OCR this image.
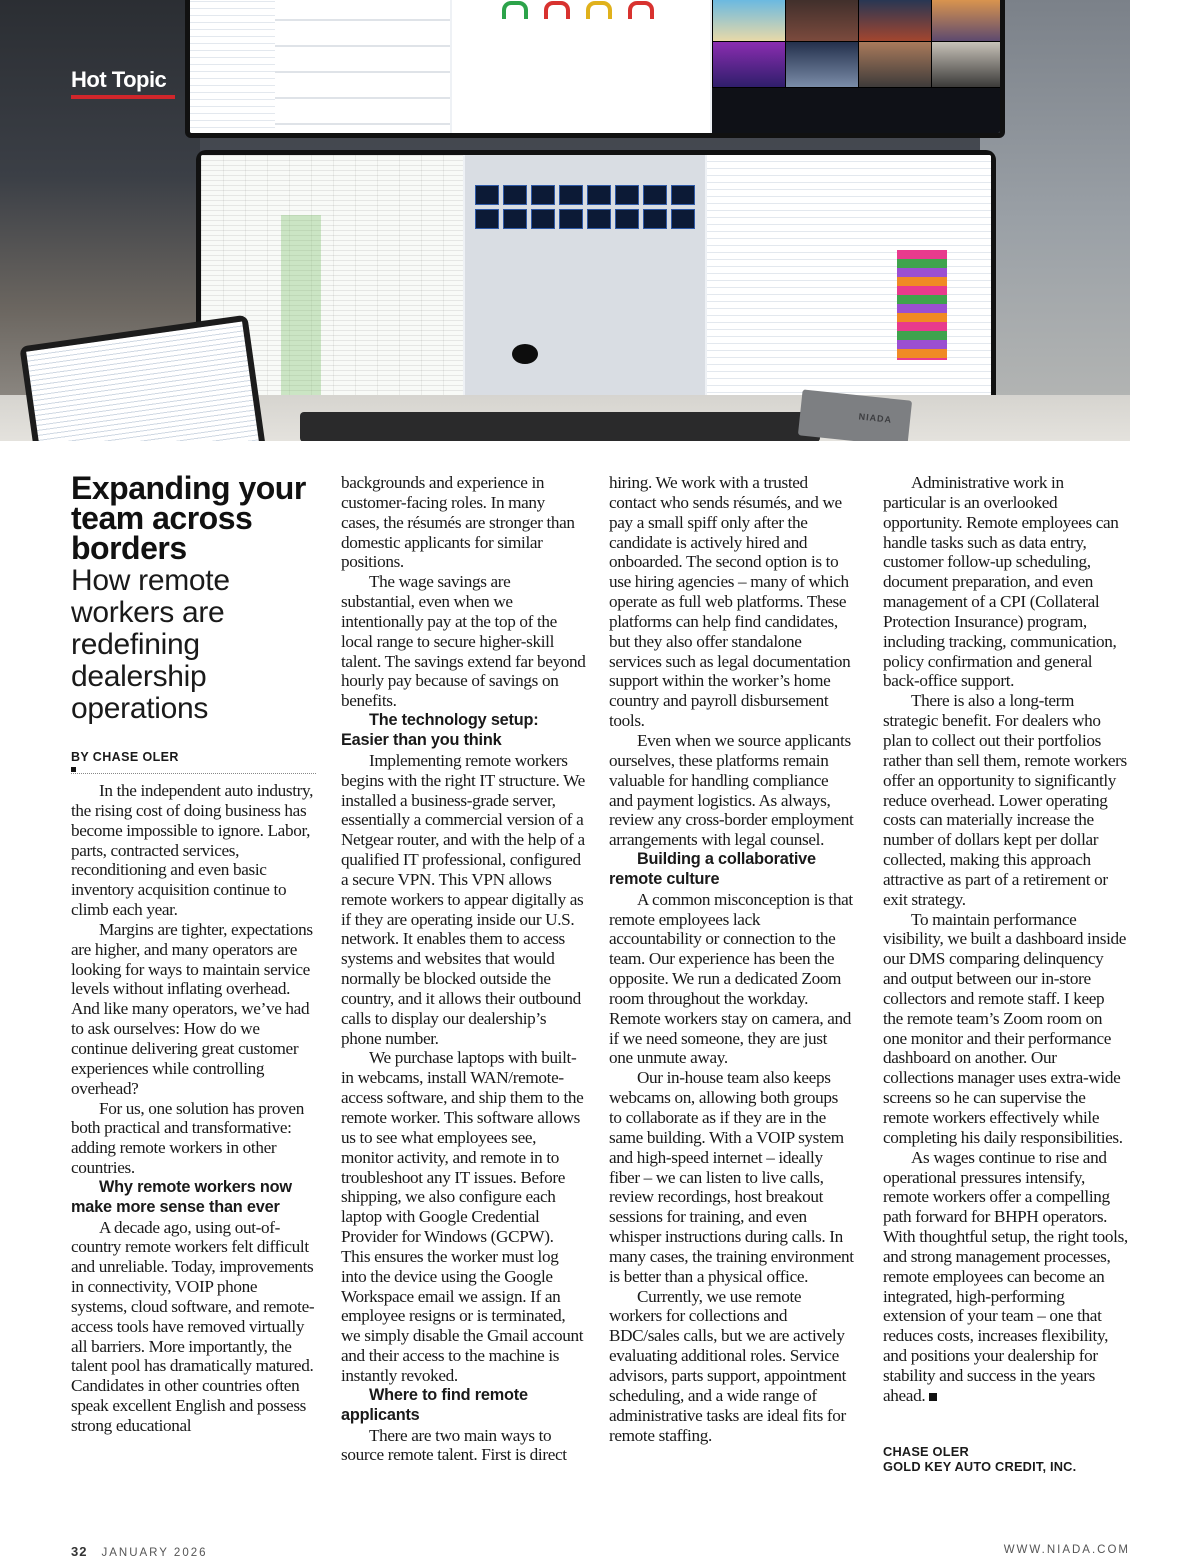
NIADA
Hot Topic
Expanding your team across borders
How remote workers are redefining dealership operations
BY CHASE OLER

In the independent auto industry, the rising cost of doing business has become impossible to ignore. Labor, parts, contracted services, reconditioning and even basic inventory acquisition continue to climb each year.

Margins are tighter, expectations are higher, and many operators are looking for ways to maintain service levels without inflating overhead. And like many operators, we’ve had to ask ourselves: How do we continue delivering great customer experiences while controlling overhead?

For us, one solution has proven both practical and transformative: adding remote workers in other countries.

Why remote workers now make more sense than ever

A decade ago, using out-of-country remote workers felt difficult and unreliable. Today, improvements in connectivity, VOIP phone systems, cloud software, and remote-access tools have removed virtually all barriers. More importantly, the talent pool has dramatically matured. Candidates in other countries often speak excellent English and possess strong educational

backgrounds and experience in customer-facing roles. In many cases, the résumés are stronger than domestic applicants for similar positions.

The wage savings are substantial, even when we intentionally pay at the top of the local range to secure higher-skill talent. The savings extend far beyond hourly pay because of savings on benefits.

The technology setup: Easier than you think

Implementing remote workers begins with the right IT structure. We installed a business-grade server, essentially a commercial version of a Netgear router, and with the help of a qualified IT professional, configured a secure VPN. This VPN allows remote workers to appear digitally as if they are operating inside our U.S. network. It enables them to access systems and websites that would normally be blocked outside the country, and it allows their outbound calls to display our dealership’s phone number.

We purchase laptops with built-in webcams, install WAN/remote-access software, and ship them to the remote worker. This software allows us to see what employees see, monitor activity, and remote in to troubleshoot any IT issues. Before shipping, we also configure each laptop with Google Credential Provider for Windows (GCPW). This ensures the worker must log into the device using the Google Workspace email we assign. If an employee resigns or is terminated, we simply disable the Gmail account and their access to the machine is instantly revoked.

Where to find remote applicants

There are two main ways to source remote talent. First is direct

hiring. We work with a trusted contact who sends résumés, and we pay a small spiff only after the candidate is actively hired and onboarded. The second option is to use hiring agencies – many of which operate as full web platforms. These platforms can help find candidates, but they also offer standalone services such as legal documentation support within the worker’s home country and payroll disbursement tools.

Even when we source applicants ourselves, these platforms remain valuable for handling compliance and payment logistics. As always, review any cross-border employment arrangements with legal counsel.

Building a collaborative remote culture

A common misconception is that remote employees lack accountability or connection to the team. Our experience has been the opposite. We run a dedicated Zoom room throughout the workday. Remote workers stay on camera, and if we need someone, they are just one unmute away.

Our in-house team also keeps webcams on, allowing both groups to collaborate as if they are in the same building. With a VOIP system and high-speed internet – ideally fiber – we can listen to live calls, review recordings, host breakout sessions for training, and even whisper instructions during calls. In many cases, the training environment is better than a physical office.

Currently, we use remote workers for collections and BDC/sales calls, but we are actively evaluating additional roles. Service advisors, parts support, appointment scheduling, and a wide range of administrative tasks are ideal fits for remote staffing.

Administrative work in particular is an overlooked opportunity. Remote employees can handle tasks such as data entry, customer follow-up scheduling, document preparation, and even management of a CPI (Collateral Protection Insurance) program, including tracking, communication, policy confirmation and general back-office support.

There is also a long-term strategic benefit. For dealers who plan to collect out their portfolios rather than sell them, remote workers offer an opportunity to significantly reduce overhead. Lower operating costs can materially increase the number of dollars kept per dollar collected, making this approach attractive as part of a retirement or exit strategy.

To maintain performance visibility, we built a dashboard inside our DMS comparing delinquency and output between our in-store collectors and remote staff. I keep the remote team’s Zoom room on one monitor and their performance dashboard on another. Our collections manager uses extra-wide screens so he can supervise the remote workers effectively while completing his daily responsibilities.

As wages continue to rise and operational pressures intensify, remote workers offer a compelling path forward for BHPH operators. With thoughtful setup, the right tools, and strong management processes, remote employees can become an integrated, high-performing extension of your team – one that reduces costs, increases flexibility, and positions your dealership for stability and success in the years ahead.

CHASE OLER
GOLD KEY AUTO CREDIT, INC.
32 JANUARY 2026	WWW.NIADA.COM
